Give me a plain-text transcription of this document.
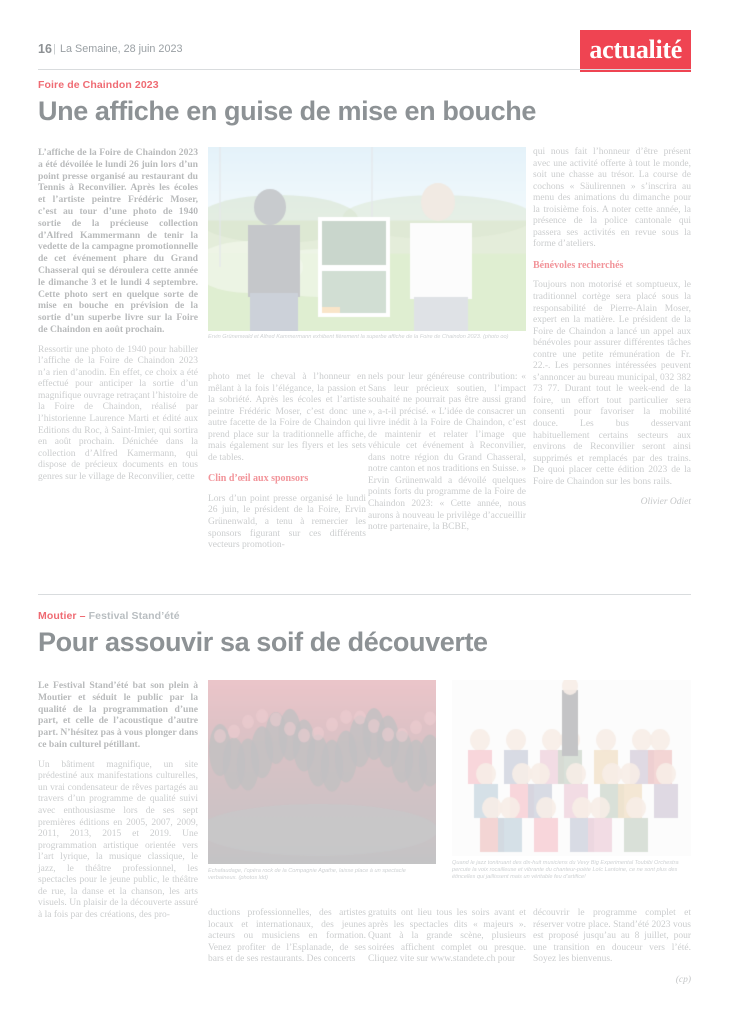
16 | La Semaine, 28 juin 2023	actualité
Foire de Chaindon 2023
Une affiche en guise de mise en bouche
Ervin Grünenwald et Alfred Kammermann exhibent fièrement la superbe affiche de la Foire de Chaindon 2023. (photo oo)

L’affiche de la Foire de Chaindon 2023 a été dévoilée le lundi 26 juin lors d’un point presse organisé au restaurant du Tennis à Reconvilier. Après les écoles et l’artiste peintre Frédéric Moser, c’est au tour d’une photo de 1940 sortie de la précieuse collection d’Alfred Kammermann de tenir la vedette de la campagne promotionnelle de cet événement phare du Grand Chasseral qui se déroulera cette année le dimanche 3 et le lundi 4 septembre. Cette photo sert en quelque sorte de mise en bouche en prévision de la sortie d’un superbe livre sur la Foire de Chaindon en août prochain.

Ressortir une photo de 1940 pour habiller l’affiche de la Foire de Chaindon 2023 n’a rien d’anodin. En effet, ce choix a été effectué pour anticiper la sortie d’un magnifique ouvrage retraçant l’histoire de la Foire de Chaindon, réalisé par l’historienne Laurence Marti et édité aux Editions du Roc, à Saint-Imier, qui sortira en août prochain. Dénichée dans la collection d’Alfred Kamermann, qui dispose de précieux documents en tous genres sur le village de Reconvilier, cette

photo met le cheval à l’honneur en mêlant à la fois l’élégance, la passion et la sobriété. Après les écoles et l’artiste peintre Frédéric Moser, c’est donc une autre facette de la Foire de Chaindon qui prend place sur la traditionnelle affiche, mais également sur les flyers et les sets de tables.

Clin d’œil aux sponsors

Lors d’un point presse organisé le lundi 26 juin, le président de la Foire, Ervin Grünenwald, a tenu à remercier les sponsors figurant sur ces différents vecteurs promotion-

nels pour leur généreuse contribution: « Sans leur précieux soutien, l’impact souhaité ne pourrait pas être aussi grand », a-t-il précisé. « L’idée de consacrer un livre inédit à la Foire de Chaindon, c’est de maintenir et relater l’image que véhicule cet événement à Reconvilier, dans notre région du Grand Chasseral, notre canton et nos traditions en Suisse. » Ervin Grünenwald a dévoilé quelques points forts du programme de la Foire de Chaindon 2023: « Cette année, nous aurons à nouveau le privilège d’accueillir notre partenaire, la BCBE,

qui nous fait l’honneur d’être présent avec une activité offerte à tout le monde, soit une chasse au trésor. La course de cochons « Säulirennen » s’inscrira au menu des animations du dimanche pour la troisième fois. A noter cette année, la présence de la police cantonale qui passera ses activités en revue sous la forme d’ateliers.

Bénévoles recherchés

Toujours non motorisé et somptueux, le traditionnel cortège sera placé sous la responsabilité de Pierre-Alain Moser, expert en la matière. Le président de la Foire de Chaindon a lancé un appel aux bénévoles pour assurer différentes tâches contre une petite rémunération de Fr. 22.-. Les personnes intéressées peuvent s’annoncer au bureau municipal, 032 382 73 77. Durant tout le week-end de la foire, un effort tout particulier sera consenti pour favoriser la mobilité douce. Les bus desservant habituellement certains secteurs aux environs de Reconvilier seront ainsi supprimés et remplacés par des trains. De quoi placer cette édition 2023 de la Foire de Chaindon sur les bons rails.

Olivier Odiet

Moutier – Festival Stand’été
Pour assouvir sa soif de découverte
Echafaudage, l’opéra rock de la Compagnie Agathe, laisse place à un spectacle verbaineux. (photos ldd)
Quand le jazz tonitruant des dix-huit musiciens du Vevy Big Experimental Toubibi Orchestra percute la voix rocailleuse et vibrante du chanteur-poète Loïc Lantoine, ce ne sont plus des étincelles qui jaillissent mais un véritable feu d’artifice!

Le Festival Stand’été bat son plein à Moutier et séduit le public par la qualité de la programmation d’une part, et celle de l’acoustique d’autre part. N’hésitez pas à vous plonger dans ce bain culturel pétillant.

Un bâtiment magnifique, un site prédestiné aux manifestations culturelles, un vrai condensateur de rêves partagés au travers d’un programme de qualité suivi avec enthousiasme lors de ses sept premières éditions en 2005, 2007, 2009, 2011, 2013, 2015 et 2019. Une programmation artistique orientée vers l’art lyrique, la musique classique, le jazz, le théâtre professionnel, les spectacles pour le jeune public, le théâtre de rue, la danse et la chanson, les arts visuels. Un plaisir de la découverte assuré à la fois par des créations, des pro-	ductions professionnelles, des artistes locaux et internationaux, des jeunes acteurs ou musiciens en formation. Venez profiter de l’Esplanade, de ses bars et de ses restaurants. Des concerts

gratuits ont lieu tous les soirs avant et après les spectacles dits « majeurs ». Quant à la grande scène, plusieurs soirées affichent complet ou presque. Cliquez vite sur www.standete.ch pour

découvrir le programme complet et réserver votre place. Stand’été 2023 vous est proposé jusqu’au au 8 juillet, pour une transition en douceur vers l’été. Soyez les bienvenus.

(cp)
